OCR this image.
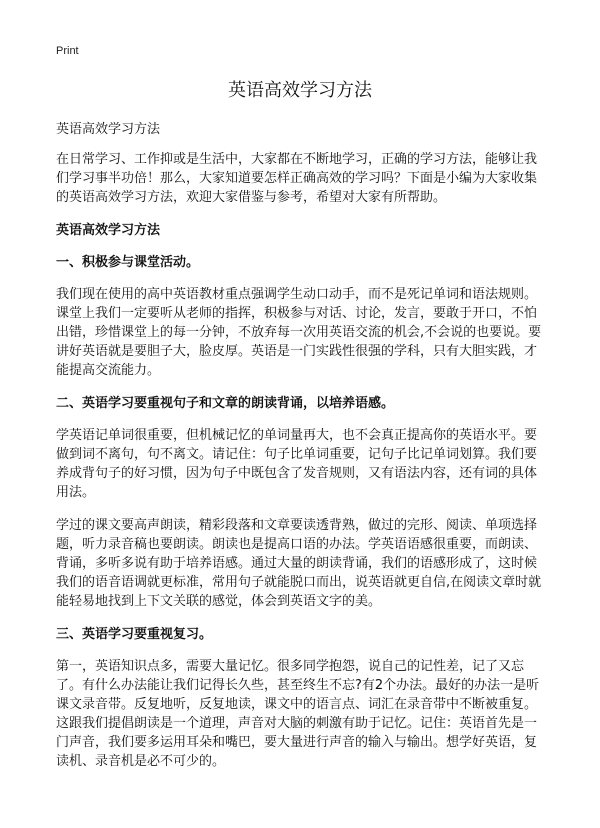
Print
英语高效学习方法

英语高效学习方法

在日常学习、工作抑或是生活中，大家都在不断地学习，正确的学习方法，能够让我们学习事半功倍！那么，大家知道要怎样正确高效的学习吗？下面是小编为大家收集的英语高效学习方法，欢迎大家借鉴与参考，希望对大家有所帮助。

英语高效学习方法

一、积极参与课堂活动。

我们现在使用的高中英语教材重点强调学生动口动手，而不是死记单词和语法规则。课堂上我们一定要听从老师的指挥，积极参与对话、讨论，发言，要敢于开口，不怕出错，珍惜课堂上的每一分钟，不放弃每一次用英语交流的机会,不会说的也要说。要讲好英语就是要胆子大，脸皮厚。英语是一门实践性很强的学科，只有大胆实践，才能提高交流能力。

二、英语学习要重视句子和文章的朗读背诵，以培养语感。

学英语记单词很重要，但机械记忆的单词量再大，也不会真正提高你的英语水平。要做到词不离句，句不离文。请记住：句子比单词重要，记句子比记单词划算。我们要养成背句子的好习惯，因为句子中既包含了发音规则，又有语法内容，还有词的具体用法。

学过的课文要高声朗读，精彩段落和文章要读透背熟，做过的完形、阅读、单项选择题，听力录音稿也要朗读。朗读也是提高口语的办法。学英语语感很重要，而朗读、背诵，多听多说有助于培养语感。通过大量的朗读背诵，我们的语感形成了，这时候我们的语音语调就更标准，常用句子就能脱口而出，说英语就更自信,在阅读文章时就能轻易地找到上下文关联的感觉，体会到英语文字的美。

三、英语学习要重视复习。

第一，英语知识点多，需要大量记忆。很多同学抱怨，说自己的记性差，记了又忘了。有什么办法能让我们记得长久些，甚至终生不忘?有2个办法。最好的办法一是听课文录音带。反复地听，反复地读，课文中的语言点、词汇在录音带中不断被重复。这跟我们提倡朗读是一个道理，声音对大脑的刺激有助于记忆。记住：英语首先是一门声音，我们要多运用耳朵和嘴巴，要大量进行声音的输入与输出。想学好英语，复读机、录音机是必不可少的。
